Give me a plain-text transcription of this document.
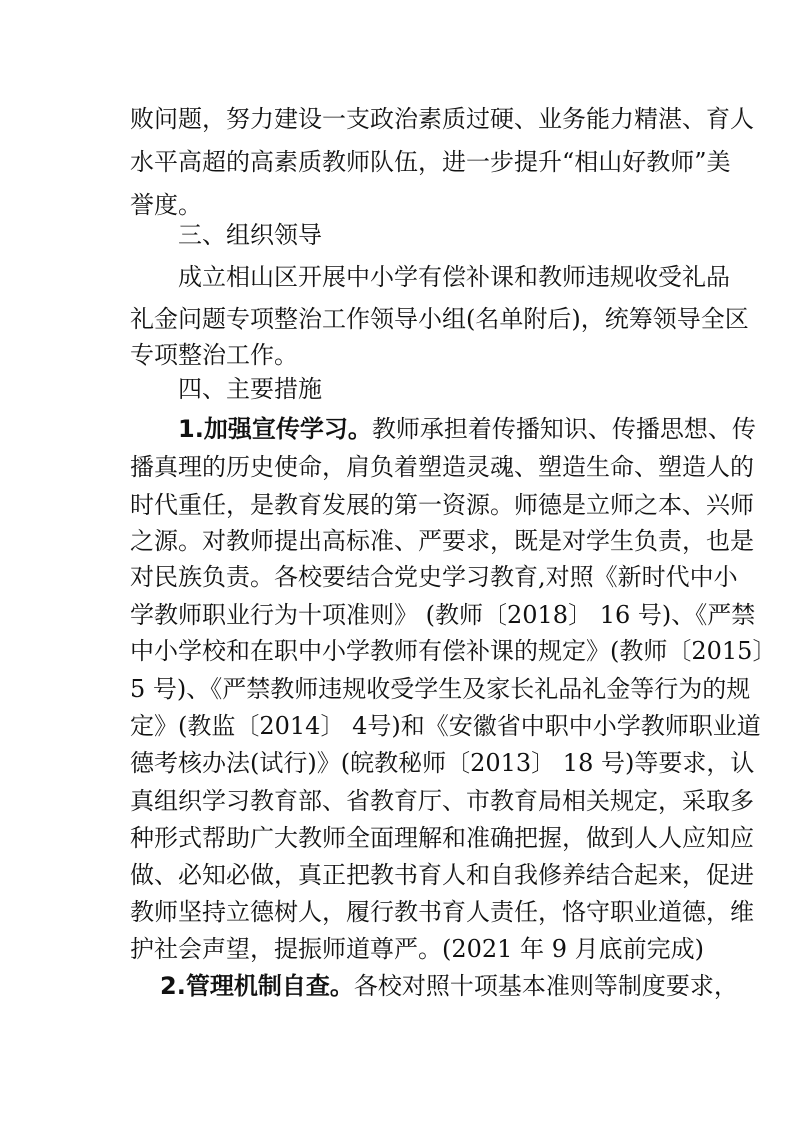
败问题，努力建设一支政治素质过硬、业务能力精湛、育人
水平高超的高素质教师队伍，进一步提升“相山好教师”美
誉度。
三、组织领导
成立相山区开展中小学有偿补课和教师违规收受礼品
礼金问题专项整治工作领导小组(名单附后)，统筹领导全区
专项整治工作。
四、主要措施
1.加强宣传学习。教师承担着传播知识、传播思想、传
播真理的历史使命，肩负着塑造灵魂、塑造生命、塑造人的
时代重任，是教育发展的第一资源。师德是立师之本、兴师
之源。对教师提出高标准、严要求，既是对学生负责，也是
对民族负责。各校要结合党史学习教育,对照《新时代中小
学教师职业行为十项准则》 (教师〔2018〕 16 号)、《严禁
中小学校和在职中小学教师有偿补课的规定》(教师〔2015〕
5 号)、《严禁教师违规收受学生及家长礼品礼金等行为的规
定》(教监〔2014〕 4号)和《安徽省中职中小学教师职业道
德考核办法(试行)》(皖教秘师〔2013〕 18 号)等要求，认
真组织学习教育部、省教育厅、市教育局相关规定，采取多
种形式帮助广大教师全面理解和准确把握，做到人人应知应
做、必知必做，真正把教书育人和自我修养结合起来，促进
教师坚持立德树人，履行教书育人责任，恪守职业道德，维
护社会声望，提振师道尊严。(2021 年 9 月底前完成)
2.管理机制自查。各校对照十项基本准则等制度要求，
